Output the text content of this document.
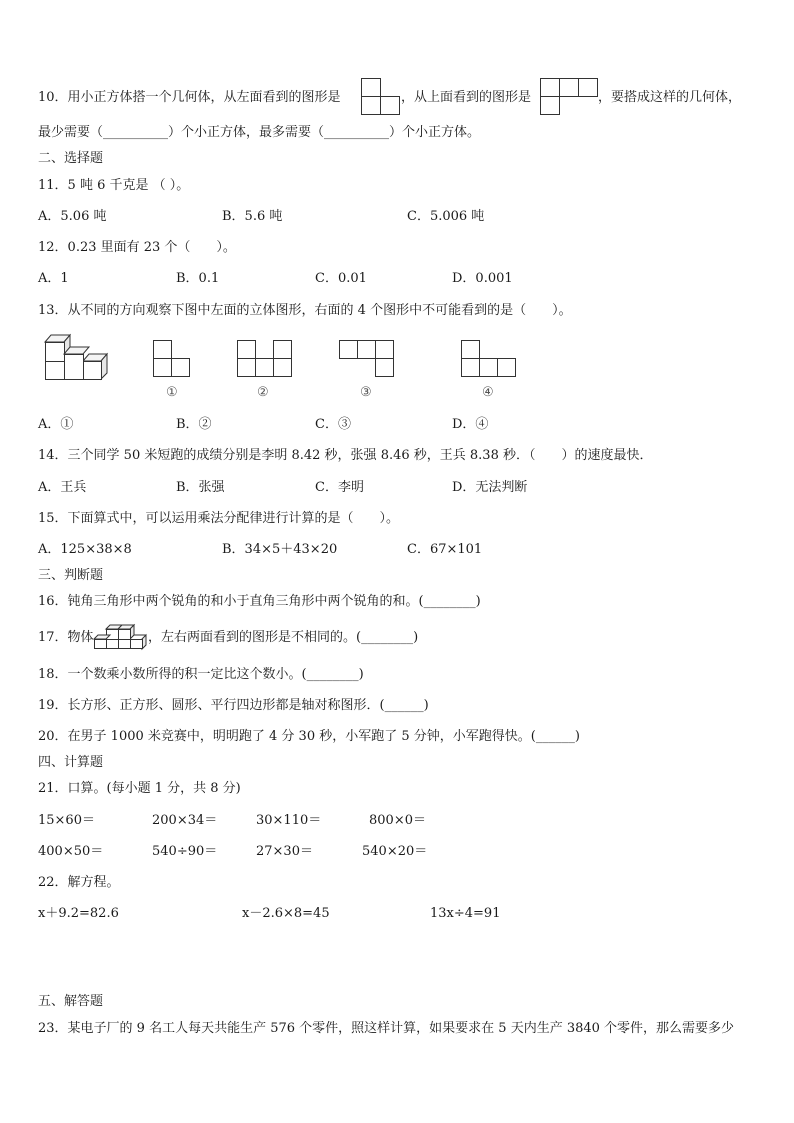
10．用小正方体搭一个几何体，从左面看到的图形是	，从上面看到的图形是	，要搭成这样的几何体，
最少需要（__________）个小正方体，最多需要（__________）个小正方体。
二、选择题
11．5 吨 6 千克是 （ ）。
A．5.06 吨	B．5.6 吨	C．5.006 吨
12．0.23 里面有 23 个（　　）。
A．1	B．0.1	C．0.01	D．0.001
13．从不同的方向观察下图中左面的立体图形，右面的 4 个图形中不可能看到的是（　　）。
①	②	③	④
A．①	B．②	C．③	D．④
14．三个同学 50 米短跑的成绩分别是李明 8.42 秒，张强 8.46 秒，王兵 8.38 秒．（　　）的速度最快．
A．王兵	B．张强	C．李明	D．无法判断
15．下面算式中，可以运用乘法分配律进行计算的是（　　）。
A．125×38×8	B．34×5＋43×20	C．67×101
三、判断题
16．钝角三角形中两个锐角的和小于直角三角形中两个锐角的和。(________)
17．物体	，左右两面看到的图形是不相同的。(________)
18．一个数乘小数所得的积一定比这个数小。(________)
19．长方形、正方形、圆形、平行四边形都是轴对称图形．(______)
20．在男子 1000 米竞赛中，明明跑了 4 分 30 秒，小军跑了 5 分钟，小军跑得快。(______)
四、计算题
21．口算。(每小题 1 分，共 8 分)
15×60＝	200×34＝	30×110＝	800×0＝
400×50＝	540÷90＝	27×30＝	540×20＝
22．解方程。
x＋9.2=82.6	x－2.6×8=45	13x÷4=91
五、解答题
23．某电子厂的 9 名工人每天共能生产 576 个零件，照这样计算，如果要求在 5 天内生产 3840 个零件，那么需要多少
